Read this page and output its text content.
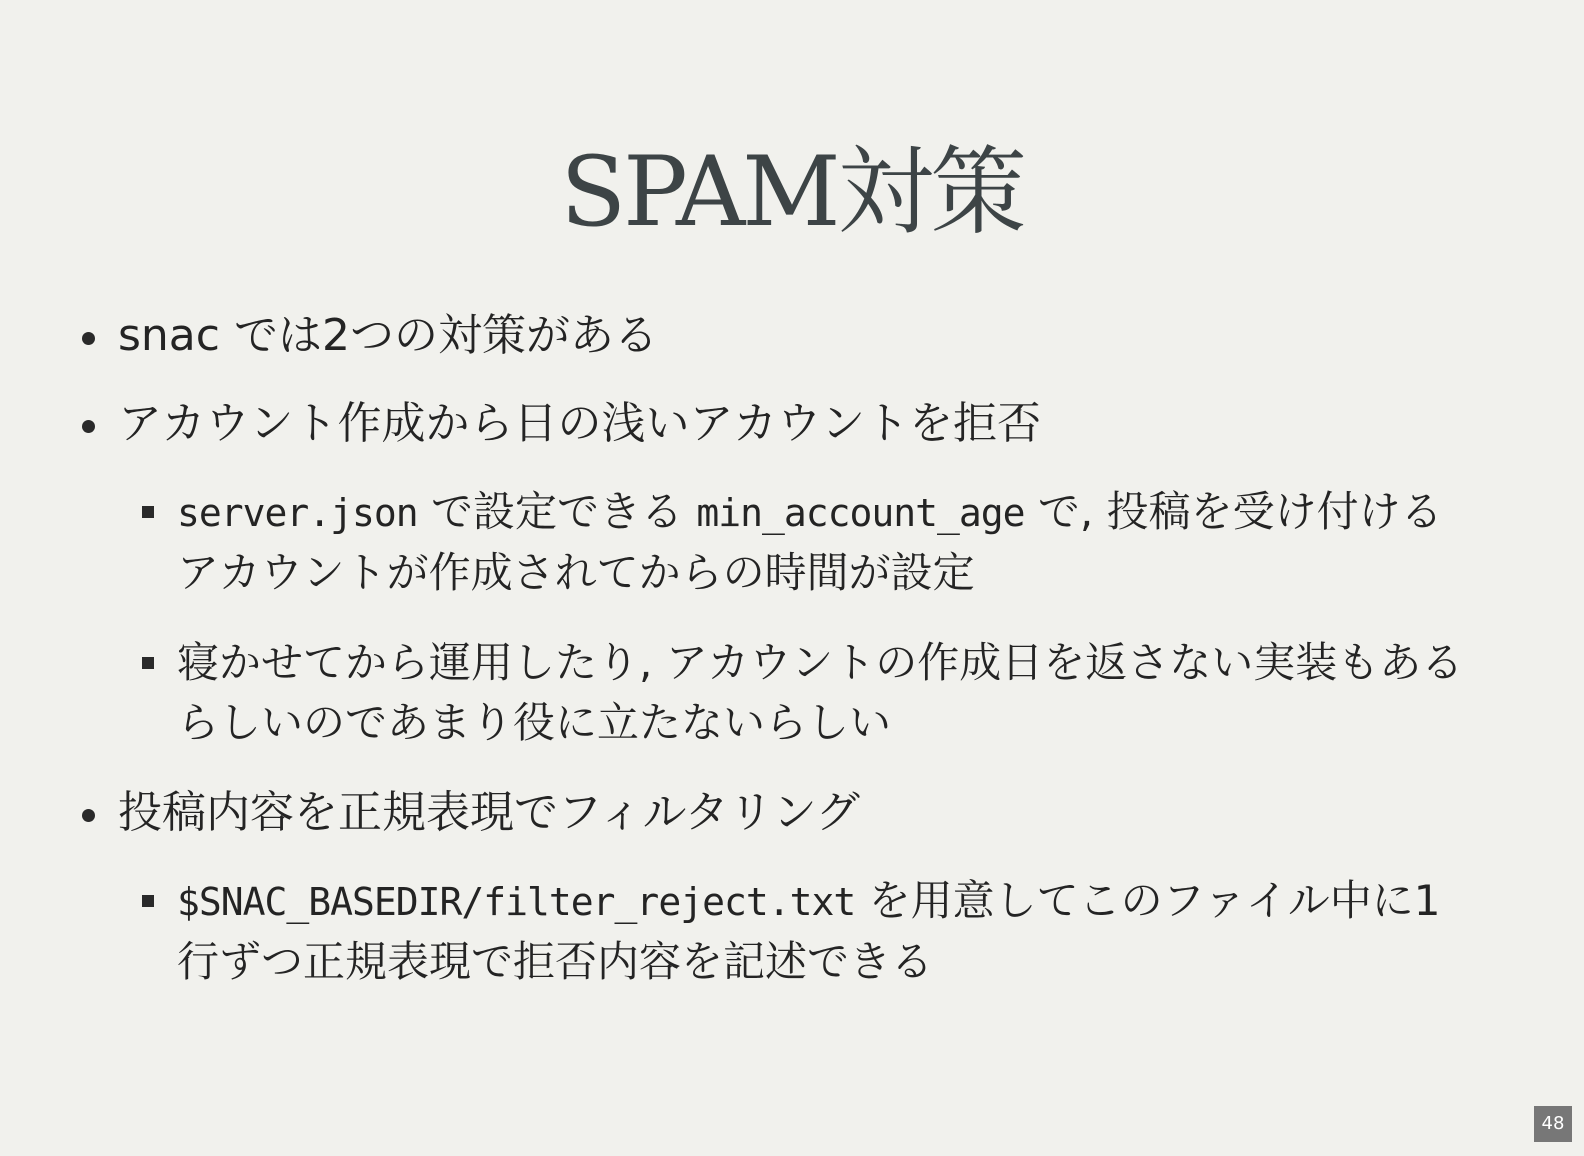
SPAM対策
snac では2つの対策がある
アカウント作成から日の浅いアカウントを拒否
server.json で設定できる min_account_age で, 投稿を受け付けるアカウントが作成されてからの時間が設定
寝かせてから運用したり, アカウントの作成日を返さない実装もあるらしいのであまり役に立たないらしい
投稿内容を正規表現でフィルタリング
$SNAC_BASEDIR/filter_reject.txt を用意してこのファイル中に1行ずつ正規表現で拒否内容を記述できる
48
